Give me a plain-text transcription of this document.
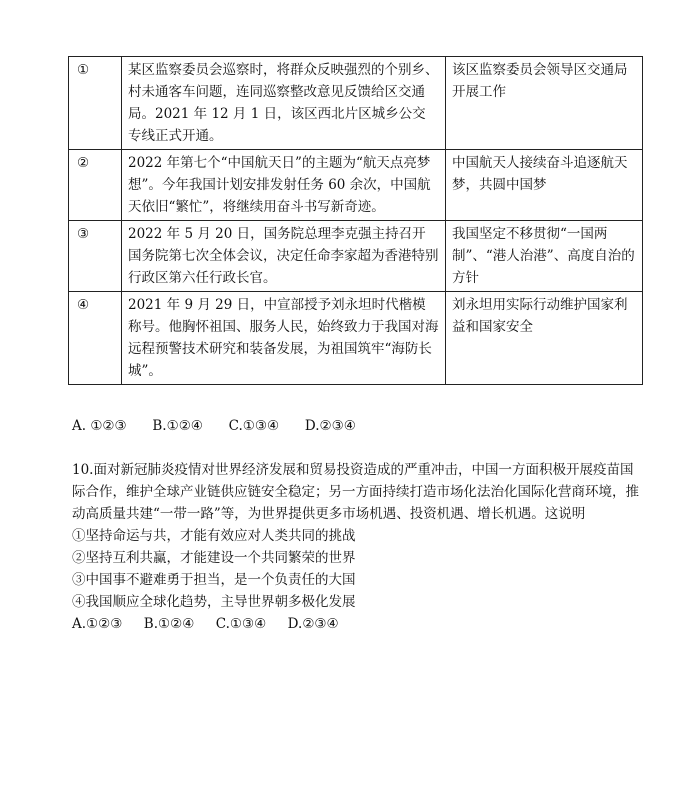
①	某区监察委员会巡察时，将群众反映强烈的个别乡、村未通客车问题，连同巡察整改意见反馈给区交通局。2021 年 12 月 1 日，该区西北片区城乡公交专线正式开通。	该区监察委员会领导区交通局开展工作
②	2022 年第七个“中国航天日”的主题为“航天点亮梦想”。今年我国计划安排发射任务 60 余次，中国航天依旧“繁忙”，将继续用奋斗书写新奇迹。	中国航天人接续奋斗追逐航天梦，共圆中国梦
③	2022 年 5 月 20 日，国务院总理李克强主持召开国务院第七次全体会议，决定任命李家超为香港特别行政区第六任行政长官。	我国坚定不移贯彻“一国两制”、“港人治港”、高度自治的方针
④	2021 年 9 月 29 日，中宣部授予刘永坦时代楷模称号。他胸怀祖国、服务人民，始终致力于我国对海远程预警技术研究和装备发展，为祖国筑牢“海防长城”。	刘永坦用实际行动维护国家利益和国家安全
A. ①②③      B.①②④      C.①③④      D.②③④

10.面对新冠肺炎疫情对世界经济发展和贸易投资造成的严重冲击，中国一方面积极开展疫苗国际合作，维护全球产业链供应链安全稳定；另一方面持续打造市场化法治化国际化营商环境，推动高质量共建“一带一路”等，为世界提供更多市场机遇、投资机遇、增长机遇。这说明

①坚持命运与共，才能有效应对人类共同的挑战

②坚持互利共赢，才能建设一个共同繁荣的世界

③中国事不避难勇于担当，是一个负责任的大国

④我国顺应全球化趋势，主导世界朝多极化发展

A.①②③     B.①②④     C.①③④     D.②③④
